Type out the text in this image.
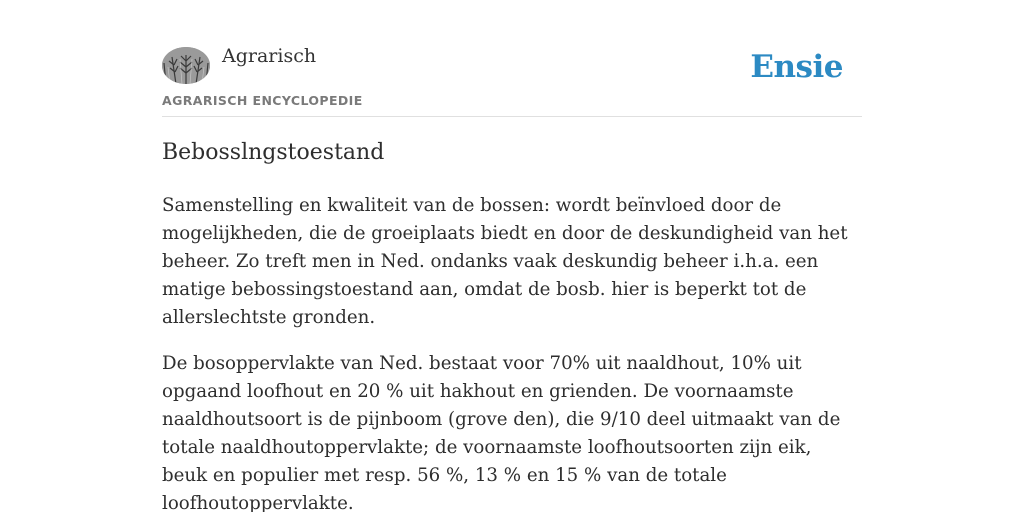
Agrarisch	Ensie
AGRARISCH ENCYCLOPEDIE
Bebosslngstoestand

Samenstelling en kwaliteit van de bossen: wordt beïnvloed door de mogelijkheden, die de groeiplaats biedt en door de deskundigheid van het beheer. Zo treft men in Ned. ondanks vaak deskundig beheer i.h.a. een matige bebossingstoestand aan, omdat de bosb. hier is beperkt tot de allerslechtste gronden.

De bosoppervlakte van Ned. bestaat voor 70% uit naaldhout, 10% uit opgaand loofhout en 20 % uit hakhout en grienden. De voornaamste naaldhoutsoort is de pijnboom (grove den), die 9/10 deel uitmaakt van de totale naaldhoutoppervlakte; de voornaamste loofhoutsoorten zijn eik, beuk en populier met resp. 56 %, 13 % en 15 % van de totale loofhoutoppervlakte.
